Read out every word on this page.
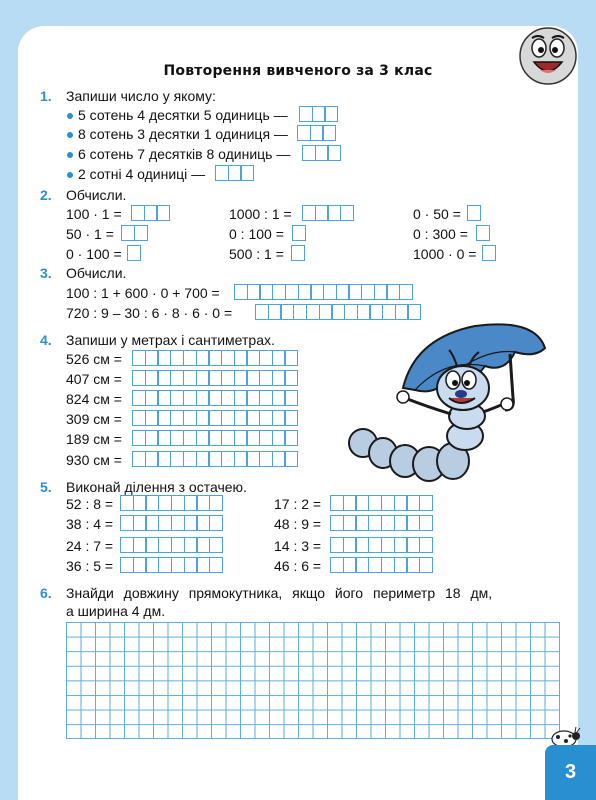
Повторення вивченого за 3 клас
1. Запиши число у якому:
5 сотень 4 десятки 5 одиниць —
8 сотень 3 десятки 1 одиниця —
6 сотень 7 десятків 8 одиниць —
2 сотні 4 одиниці —
2. Обчисли.
100 · 1 =	1000 : 1 =	0 · 50 =
50 · 1 =	0 : 100 =	0 : 300 =
0 · 100 =	500 : 1 =	1000 · 0 =
3. Обчисли.
100 : 1 + 600 · 0 + 700 =
720 : 9 – 30 : 6 · 8 · 6 · 0 =
4. Запиши у метрах і сантиметрах.
526 см =
407 см =
824 см =
309 см =
189 см =
930 см =
5. Виконай ділення з остачею.
52 : 8 =	17 : 2 =
38 : 4 =	48 : 9 =
24 : 7 =	14 : 3 =
36 : 5 =	46 : 6 =
6. Знайди довжину прямокутника, якщо його периметр 18 дм,
а ширина 4 дм.
3
